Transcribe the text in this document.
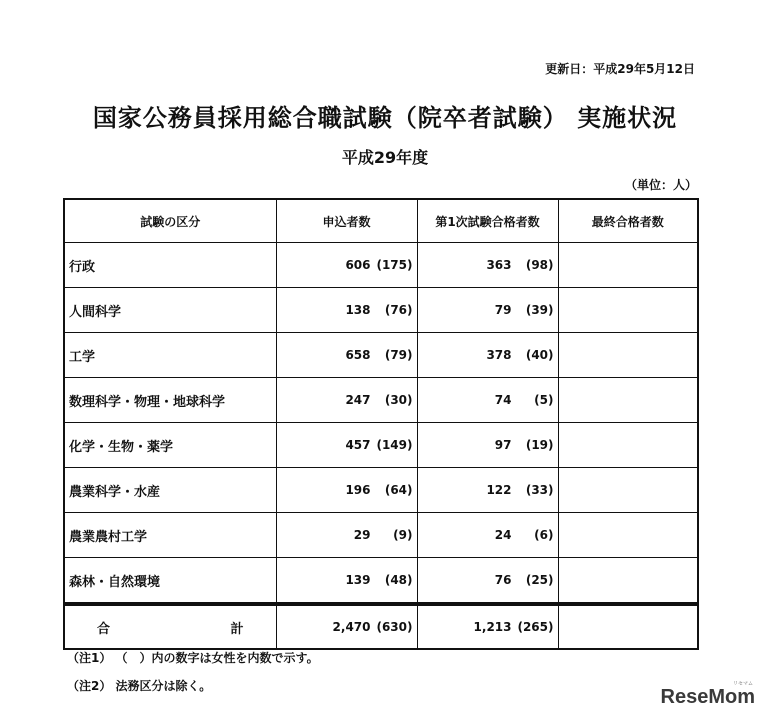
更新日：平成29年5月12日
国家公務員採用総合職試験（院卒者試験） 実施状況
平成29年度
（単位：人）
試験の区分	申込者数	第1次試験合格者数	最終合格者数
行政	606 (175)	363 (98)	

人間科学	138 (76)	79 (39)	

工学	658 (79)	378 (40)	

数理科学・物理・地球科学	247 (30)	74 (5)	

化学・生物・薬学	457 (149)	97 (19)	

農業科学・水産	196 (64)	122 (33)	

農業農村工学	29 (9)	24 (6)	

森林・自然環境	139 (48)	76 (25)	

合 計	2,470 (630)	1,213 (265)	

（注1） （　）内の数字は女性を内数で示す。
（注2） 法務区分は除く。	ReseMom
リセマム
